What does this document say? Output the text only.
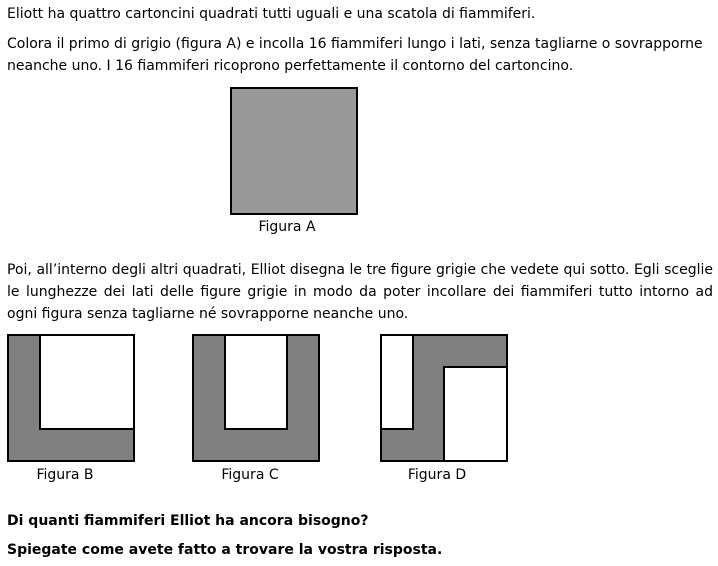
Eliott ha quattro cartoncini quadrati tutti uguali e una scatola di fiammiferi.

Colora il primo di grigio (figura A) e incolla 16 fiammiferi lungo i lati, senza tagliarne o sovrapporne neanche uno. I 16 fiammiferi ricoprono perfettamente il contorno del cartoncino.

Figura A

Poi, all’interno degli altri quadrati, Elliot disegna le tre figure grigie che vedete qui sotto. Egli sceglie le lunghezze dei lati delle figure grigie in modo da poter incollare dei fiammiferi tutto intorno ad ogni figura senza tagliarne né sovrapporne neanche uno.

Figura B	Figura C	Figura D

Di quanti fiammiferi Elliot ha ancora bisogno?

Spiegate come avete fatto a trovare la vostra risposta.
